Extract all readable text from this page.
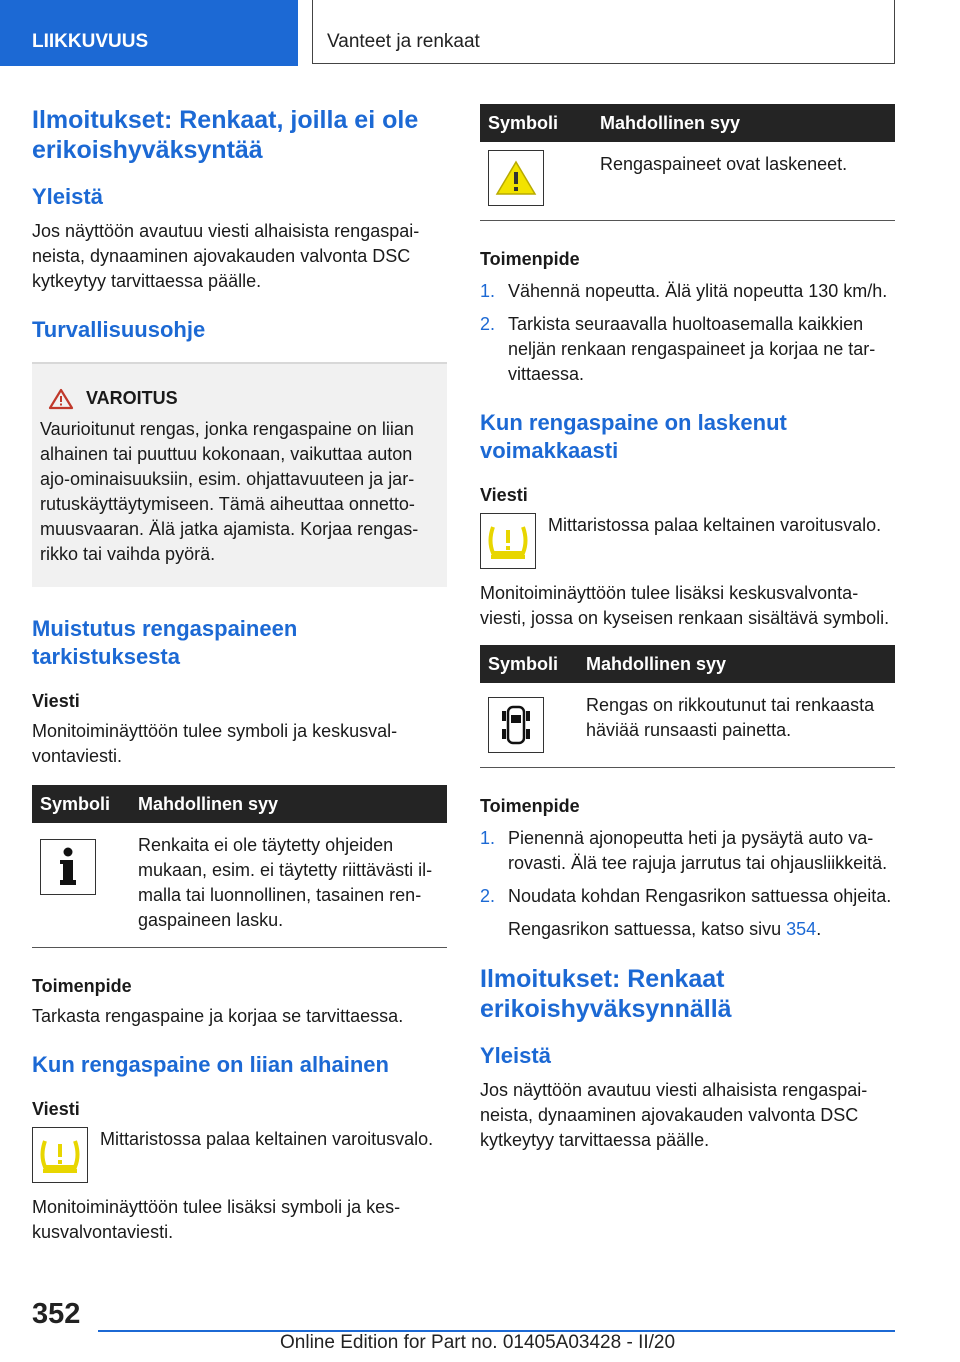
LIIKKUVUUS	Vanteet ja renkaat
Ilmoitukset: Renkaat, joilla ei ole erikoishyväksyntää
Yleistä

Jos näyttöön avautuu viesti alhaisista rengaspaineista, dynaaminen ajovakauden valvonta DSC kytkeytyy tarvittaessa päälle.

Turvallisuusohje
VAROITUS

Vaurioitunut rengas, jonka rengaspaine on liian alhainen tai puuttuu kokonaan, vaikuttaa auton ajo-ominaisuuksiin, esim. ohjattavuuteen ja jarrutuskäyttäytymiseen. Tämä aiheuttaa onnettomuusvaaran. Älä jatka ajamista. Korjaa rengasrikko tai vaihda pyörä.

Muistutus rengaspaineen tarkistuksesta
Viesti

Monitoiminäyttöön tulee symboli ja keskusvalvontaviesti.

Symboli	Mahdollinen syy

	Renkaita ei ole täytetty ohjeiden mukaan, esim. ei täytetty riittävästi ilmalla tai luonnollinen, tasainen rengaspaineen lasku.
Toimenpide

Tarkasta rengaspaine ja korjaa se tarvittaessa.

Kun rengaspaine on liian alhainen
Viesti

Mittaristossa palaa keltainen varoitusvalo.

Monitoiminäyttöön tulee lisäksi symboli ja keskusvalvontaviesti.

Symboli	Mahdollinen syy

	Rengaspaineet ovat laskeneet.
Toimenpide
1. Vähennä nopeutta. Älä ylitä nopeutta 130 km/h.
2. Tarkista seuraavalla huoltoasemalla kaikkien neljän renkaan rengaspaineet ja korjaa ne tarvittaessa.
Kun rengaspaine on laskenut voimakkaasti
Viesti

Mittaristossa palaa keltainen varoitusvalo.

Monitoiminäyttöön tulee lisäksi keskusvalvontaviesti, jossa on kyseisen renkaan sisältävä symboli.

Symboli	Mahdollinen syy

	Rengas on rikkoutunut tai renkaasta häviää runsaasti painetta.
Toimenpide
1. Pienennä ajonopeutta heti ja pysäytä auto varovasti. Älä tee rajuja jarrutus tai ohjausliikkeitä.
2. Noudata kohdan Rengasrikon sattuessa ohjeita.

Rengasrikon sattuessa, katso sivu 354.

Ilmoitukset: Renkaat erikoishyväksynnällä
Yleistä

Jos näyttöön avautuu viesti alhaisista rengaspaineista, dynaaminen ajovakauden valvonta DSC kytkeytyy tarvittaessa päälle.

352
Online Edition for Part no. 01405A03428 - II/20
